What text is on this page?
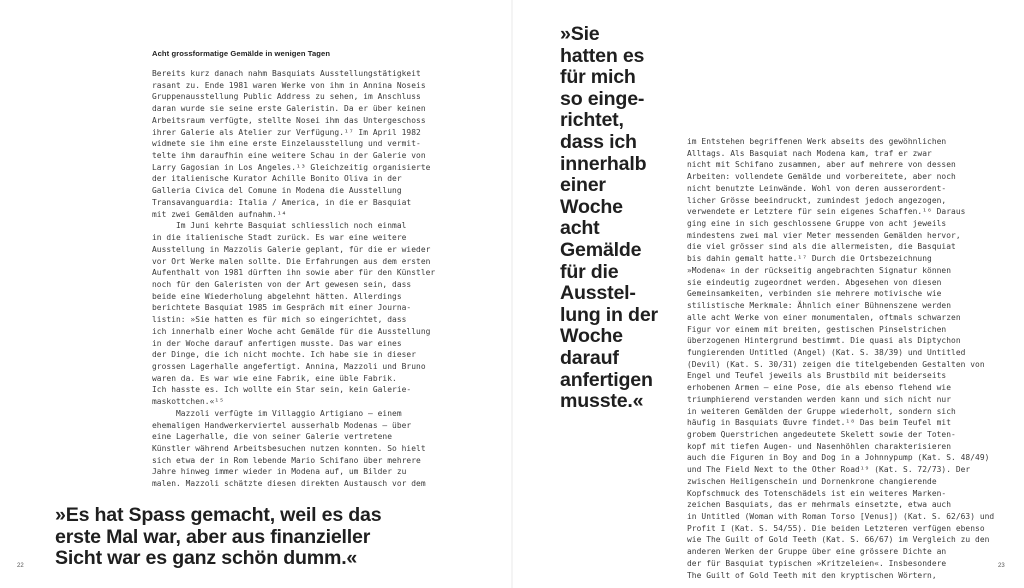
Acht grossformatige Gemälde in wenigen Tagen
Bereits kurz danach nahm Basquiats Ausstellungstätigkeit
rasant zu. Ende 1981 waren Werke von ihm in Annina Noseis
Gruppenausstellung Public Address zu sehen, im Anschluss
daran wurde sie seine erste Galeristin. Da er über keinen
Arbeitsraum verfügte, stellte Nosei ihm das Untergeschoss
ihrer Galerie als Atelier zur Verfügung.¹⁷ Im April 1982
widmete sie ihm eine erste Einzelausstellung und vermit-
telte ihm daraufhin eine weitere Schau in der Galerie von
Larry Gagosian in Los Angeles.¹³ Gleichzeitig organisierte
der italienische Kurator Achille Bonito Oliva in der
Galleria Civica del Comune in Modena die Ausstellung
Transavanguardia: Italia / America, in die er Basquiat
mit zwei Gemälden aufnahm.¹⁴
Im Juni kehrte Basquiat schliesslich noch einmal
in die italienische Stadt zurück. Es war eine weitere
Ausstellung in Mazzolis Galerie geplant, für die er wieder
vor Ort Werke malen sollte. Die Erfahrungen aus dem ersten
Aufenthalt von 1981 dürften ihn sowie aber für den Künstler
noch für den Galeristen von der Art gewesen sein, dass
beide eine Wiederholung abgelehnt hätten. Allerdings
berichtete Basquiat 1985 im Gespräch mit einer Journa-
listin: »Sie hatten es für mich so eingerichtet, dass
ich innerhalb einer Woche acht Gemälde für die Ausstellung
in der Woche darauf anfertigen musste. Das war eines
der Dinge, die ich nicht mochte. Ich habe sie in dieser
grossen Lagerhalle angefertigt. Annina, Mazzoli und Bruno
waren da. Es war wie eine Fabrik, eine üble Fabrik.
Ich hasste es. Ich wollte ein Star sein, kein Galerie-
maskottchen.«¹⁵
Mazzoli verfügte im Villaggio Artigiano – einem
ehemaligen Handwerkerviertel ausserhalb Modenas – über
eine Lagerhalle, die von seiner Galerie vertretene
Künstler während Arbeitsbesuchen nutzen konnten. So hielt
sich etwa der in Rom lebende Mario Schifano über mehrere
Jahre hinweg immer wieder in Modena auf, um Bilder zu
malen. Mazzoli schätzte diesen direkten Austausch vor dem
»Es hat Spass gemacht, weil es das
erste Mal war, aber aus finanzieller
Sicht war es ganz schön dumm.«
22
»Sie
hatten es
für mich
so einge-
richtet,
dass ich
innerhalb
einer
Woche
acht
Gemälde
für die
Ausstel-
lung in der
Woche
darauf
anfertigen
musste.«
im Entstehen begriffenen Werk abseits des gewöhnlichen
Alltags. Als Basquiat nach Modena kam, traf er zwar
nicht mit Schifano zusammen, aber auf mehrere von dessen
Arbeiten: vollendete Gemälde und vorbereitete, aber noch
nicht benutzte Leinwände. Wohl von deren ausserordent-
licher Grösse beeindruckt, zumindest jedoch angezogen,
verwendete er Letztere für sein eigenes Schaffen.¹⁶ Daraus
ging eine in sich geschlossene Gruppe von acht jeweils
mindestens zwei mal vier Meter messenden Gemälden hervor,
die viel grösser sind als die allermeisten, die Basquiat
bis dahin gemalt hatte.¹⁷ Durch die Ortsbezeichnung
»Modena« in der rückseitig angebrachten Signatur können
sie eindeutig zugeordnet werden. Abgesehen von diesen
Gemeinsamkeiten, verbinden sie mehrere motivische wie
stilistische Merkmale: Ähnlich einer Bühnenszene werden
alle acht Werke von einer monumentalen, oftmals schwarzen
Figur vor einem mit breiten, gestischen Pinselstrichen
überzogenen Hintergrund bestimmt. Die quasi als Diptychon
fungierenden Untitled (Angel) (Kat. S. 38/39) und Untitled
(Devil) (Kat. S. 30/31) zeigen die titelgebenden Gestalten von
Engel und Teufel jeweils als Brustbild mit beiderseits
erhobenen Armen – eine Pose, die als ebenso flehend wie
triumphierend verstanden werden kann und sich nicht nur
in weiteren Gemälden der Gruppe wiederholt, sondern sich
häufig in Basquiats Œuvre findet.¹⁸ Das beim Teufel mit
grobem Querstrichen angedeutete Skelett sowie der Toten-
kopf mit tiefen Augen- und Nasenhöhlen charakterisieren
auch die Figuren in Boy and Dog in a Johnnypump (Kat. S. 48/49)
und The Field Next to the Other Road¹⁹ (Kat. S. 72/73). Der
zwischen Heiligenschein und Dornenkrone changierende
Kopfschmuck des Totenschädels ist ein weiteres Marken-
zeichen Basquiats, das er mehrmals einsetzte, etwa auch
in Untitled (Woman with Roman Torso [Venus]) (Kat. S. 62/63) und
Profit I (Kat. S. 54/55). Die beiden Letzteren verfügen ebenso
wie The Guilt of Gold Teeth (Kat. S. 66/67) im Vergleich zu den
anderen Werken der Gruppe über eine grössere Dichte an
der für Basquiat typischen »Kritzeleien«. Insbesondere
The Guilt of Gold Teeth mit den kryptischen Wörtern,
23
